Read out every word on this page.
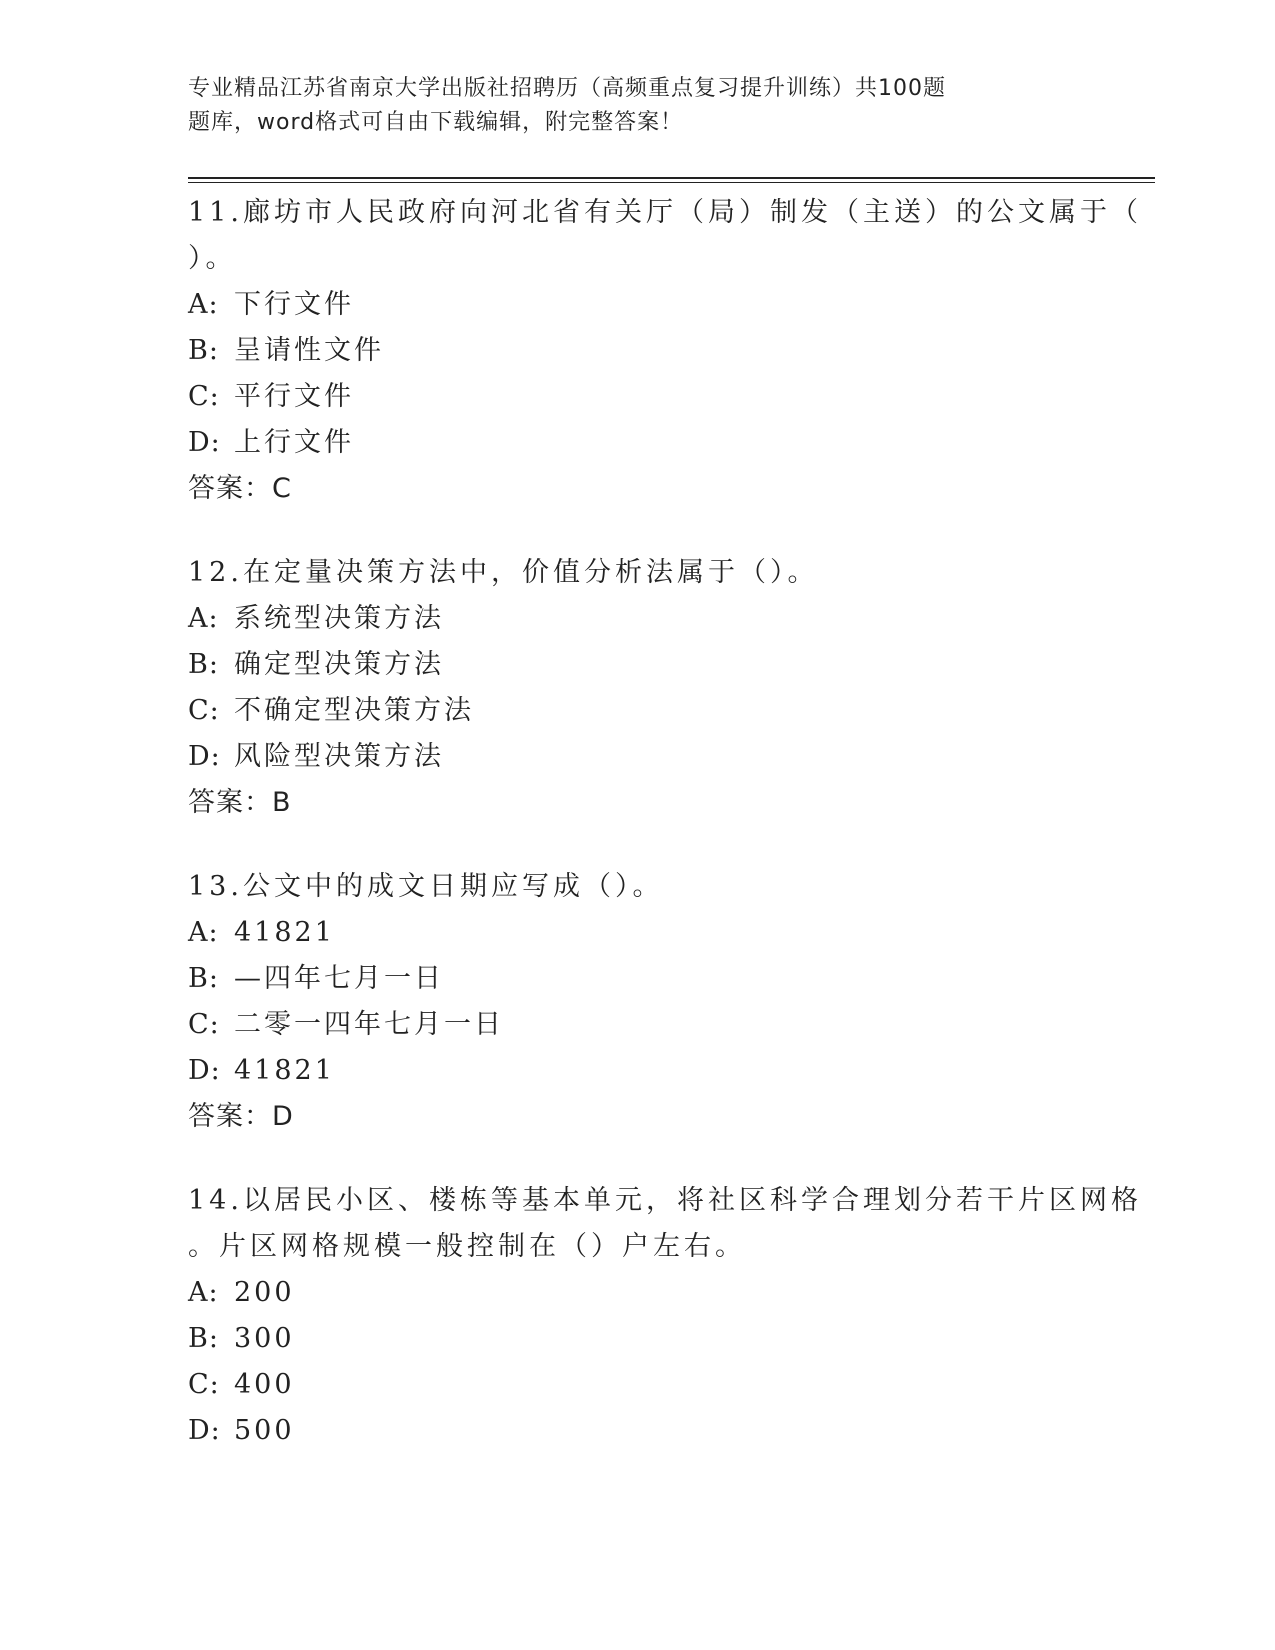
专业精品江苏省南京大学出版社招聘历（高频重点复习提升训练）共100题
题库，word格式可自由下载编辑，附完整答案！
11.廊坊市人民政府向河北省有关厅（局）制发（主送）的公文属于（
）。
A: 下行文件
B: 呈请性文件
C: 平行文件
D: 上行文件
答案：C
12.在定量决策方法中，价值分析法属于（）。
A: 系统型决策方法
B: 确定型决策方法
C: 不确定型决策方法
D: 风险型决策方法
答案：B
13.公文中的成文日期应写成（）。
A: 41821
B: —四年七月一日
C: 二零一四年七月一日
D: 41821
答案：D
14.以居民小区、楼栋等基本单元，将社区科学合理划分若干片区网格
。片区网格规模一般控制在（）户左右。
A: 200
B: 300
C: 400
D: 500
